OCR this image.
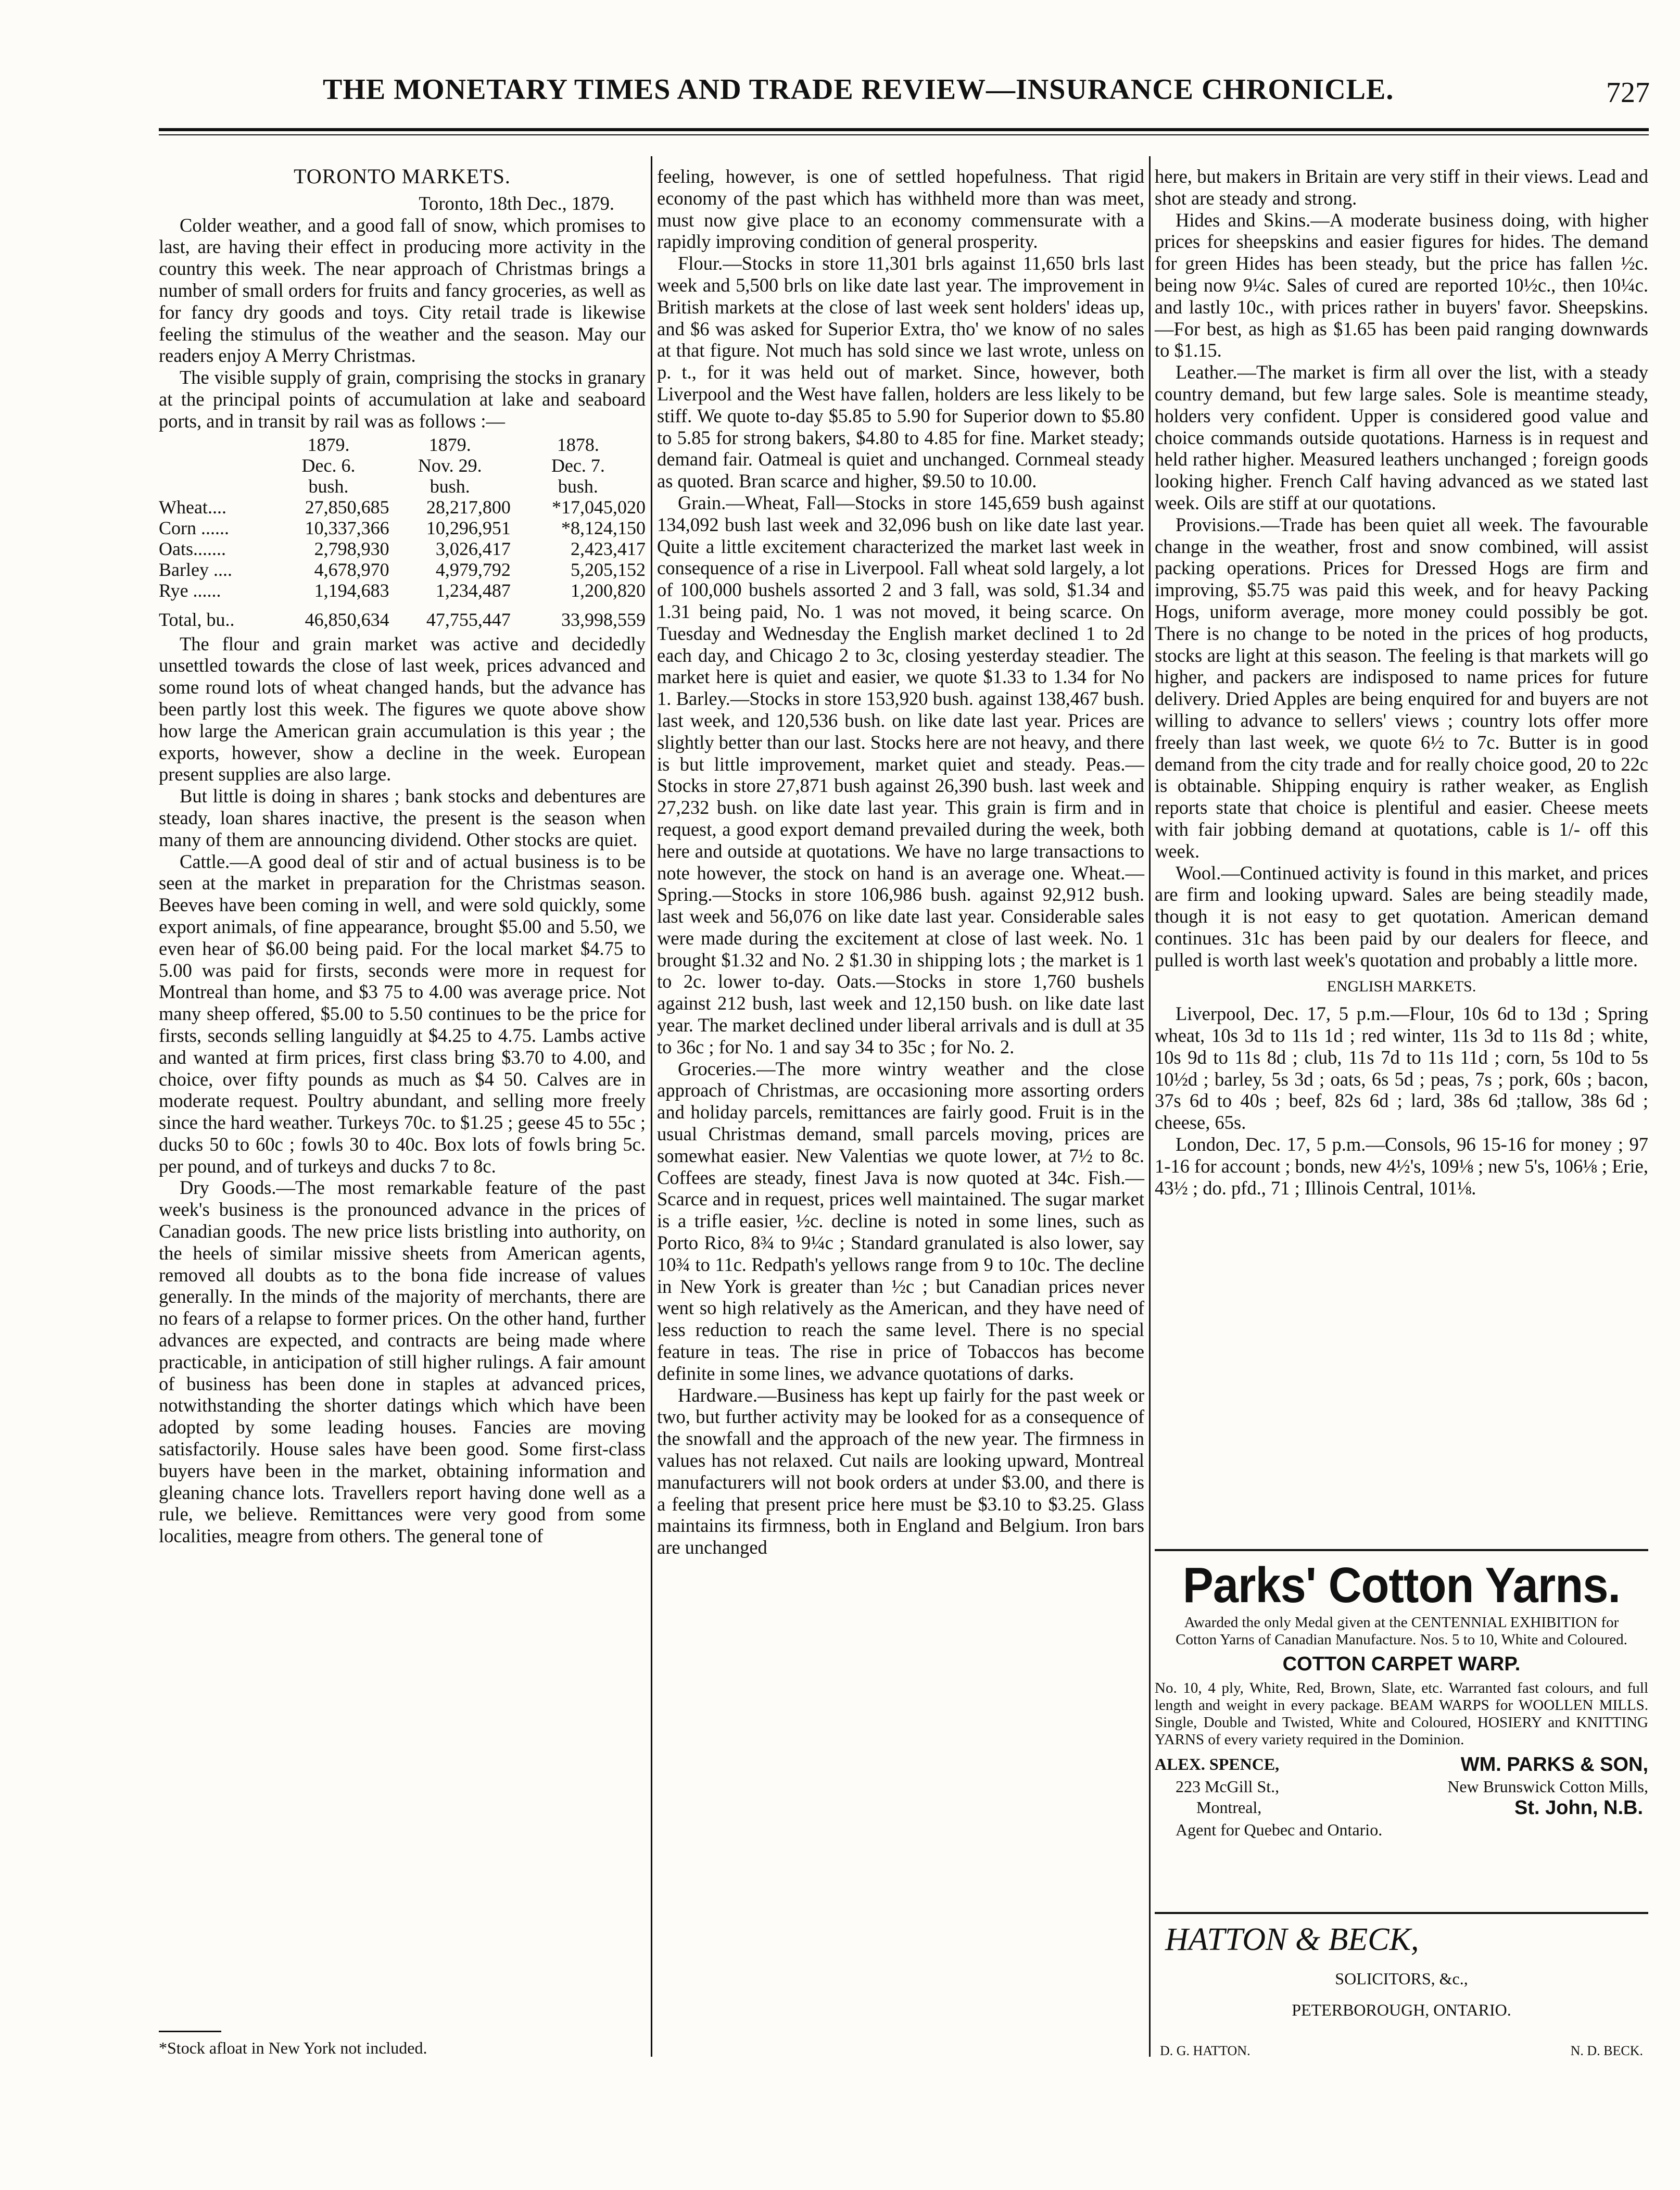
THE MONETARY TIMES AND TRADE REVIEW—INSURANCE CHRONICLE.	727
TORONTO MARKETS.

Toronto, 18th Dec., 1879.

Colder weather, and a good fall of snow, which promises to last, are having their effect in producing more activity in the country this week. The near approach of Christmas brings a number of small orders for fruits and fancy groceries, as well as for fancy dry goods and toys. City retail trade is likewise feeling the stimulus of the weather and the season. May our readers enjoy A Merry Christmas.

The visible supply of grain, comprising the stocks in granary at the principal points of accumulation at lake and seaboard ports, and in transit by rail was as follows :—

	1879.	1879.	1878.
	Dec. 6.	Nov. 29.	Dec. 7.
	bush.	bush.	bush.
Wheat....	27,850,685	28,217,800	*17,045,020
Corn ......	10,337,366	10,296,951	*8,124,150
Oats.......	2,798,930	3,026,417	2,423,417
Barley ....	4,678,970	4,979,792	5,205,152
Rye ......	1,194,683	1,234,487	1,200,820
Total, bu..	46,850,634	47,755,447	33,998,559

The flour and grain market was active and decidedly unsettled towards the close of last week, prices advanced and some round lots of wheat changed hands, but the advance has been partly lost this week. The figures we quote above show how large the American grain accumulation is this year ; the exports, however, show a decline in the week. European present supplies are also large.

But little is doing in shares ; bank stocks and debentures are steady, loan shares inactive, the present is the season when many of them are announcing dividend. Other stocks are quiet.

Cattle.—A good deal of stir and of actual business is to be seen at the market in preparation for the Christmas season. Beeves have been coming in well, and were sold quickly, some export animals, of fine appearance, brought $5.00 and 5.50, we even hear of $6.00 being paid. For the local market $4.75 to 5.00 was paid for firsts, seconds were more in request for Montreal than home, and $3 75 to 4.00 was average price. Not many sheep offered, $5.00 to 5.50 continues to be the price for firsts, seconds selling languidly at $4.25 to 4.75. Lambs active and wanted at firm prices, first class bring $3.70 to 4.00, and choice, over fifty pounds as much as $4 50. Calves are in moderate request. Poultry abundant, and selling more freely since the hard weather. Turkeys 70c. to $1.25 ; geese 45 to 55c ; ducks 50 to 60c ; fowls 30 to 40c. Box lots of fowls bring 5c. per pound, and of turkeys and ducks 7 to 8c.

Dry Goods.—The most remarkable feature of the past week's business is the pronounced advance in the prices of Canadian goods. The new price lists bristling into authority, on the heels of similar missive sheets from American agents, removed all doubts as to the bona fide increase of values generally. In the minds of the majority of merchants, there are no fears of a relapse to former prices. On the other hand, further advances are expected, and contracts are being made where practicable, in anticipation of still higher rulings. A fair amount of business has been done in staples at advanced prices, notwithstanding the shorter datings which which have been adopted by some leading houses. Fancies are moving satisfactorily. House sales have been good. Some first-class buyers have been in the market, obtaining information and gleaning chance lots. Travellers report having done well as a rule, we believe. Remittances were very good from some localities, meagre from others. The general tone of

*Stock afloat in New York not included.

feeling, however, is one of settled hopefulness. That rigid economy of the past which has withheld more than was meet, must now give place to an economy commensurate with a rapidly improving condition of general prosperity.

Flour.—Stocks in store 11,301 brls against 11,650 brls last week and 5,500 brls on like date last year. The improvement in British markets at the close of last week sent holders' ideas up, and $6 was asked for Superior Extra, tho' we know of no sales at that figure. Not much has sold since we last wrote, unless on p. t., for it was held out of market. Since, however, both Liverpool and the West have fallen, holders are less likely to be stiff. We quote to-day $5.85 to 5.90 for Superior down to $5.80 to 5.85 for strong bakers, $4.80 to 4.85 for fine. Market steady; demand fair. Oatmeal is quiet and unchanged. Cornmeal steady as quoted. Bran scarce and higher, $9.50 to 10.00.

Grain.—Wheat, Fall—Stocks in store 145,659 bush against 134,092 bush last week and 32,096 bush on like date last year. Quite a little excitement characterized the market last week in consequence of a rise in Liverpool. Fall wheat sold largely, a lot of 100,000 bushels assorted 2 and 3 fall, was sold, $1.34 and 1.31 being paid, No. 1 was not moved, it being scarce. On Tuesday and Wednesday the English market declined 1 to 2d each day, and Chicago 2 to 3c, closing yesterday steadier. The market here is quiet and easier, we quote $1.33 to 1.34 for No 1. Barley.—Stocks in store 153,920 bush. against 138,467 bush. last week, and 120,536 bush. on like date last year. Prices are slightly better than our last. Stocks here are not heavy, and there is but little improvement, market quiet and steady. Peas.—Stocks in store 27,871 bush against 26,390 bush. last week and 27,232 bush. on like date last year. This grain is firm and in request, a good export demand prevailed during the week, both here and outside at quotations. We have no large transactions to note however, the stock on hand is an average one. Wheat.—Spring.—Stocks in store 106,986 bush. against 92,912 bush. last week and 56,076 on like date last year. Considerable sales were made during the excitement at close of last week. No. 1 brought $1.32 and No. 2 $1.30 in shipping lots ; the market is 1 to 2c. lower to-day. Oats.—Stocks in store 1,760 bushels against 212 bush, last week and 12,150 bush. on like date last year. The market declined under liberal arrivals and is dull at 35 to 36c ; for No. 1 and say 34 to 35c ; for No. 2.

Groceries.—The more wintry weather and the close approach of Christmas, are occasioning more assorting orders and holiday parcels, remittances are fairly good. Fruit is in the usual Christmas demand, small parcels moving, prices are somewhat easier. New Valentias we quote lower, at 7½ to 8c. Coffees are steady, finest Java is now quoted at 34c. Fish.—Scarce and in request, prices well maintained. The sugar market is a trifle easier, ½c. decline is noted in some lines, such as Porto Rico, 8¾ to 9¼c ; Standard granulated is also lower, say 10¾ to 11c. Redpath's yellows range from 9 to 10c. The decline in New York is greater than ½c ; but Canadian prices never went so high relatively as the American, and they have need of less reduction to reach the same level. There is no special feature in teas. The rise in price of Tobaccos has become definite in some lines, we advance quotations of darks.

Hardware.—Business has kept up fairly for the past week or two, but further activity may be looked for as a consequence of the snowfall and the approach of the new year. The firmness in values has not relaxed. Cut nails are looking upward, Montreal manufacturers will not book orders at under $3.00, and there is a feeling that present price here must be $3.10 to $3.25. Glass maintains its firmness, both in England and Belgium. Iron bars are unchanged

here, but makers in Britain are very stiff in their views. Lead and shot are steady and strong.

Hides and Skins.—A moderate business doing, with higher prices for sheepskins and easier figures for hides. The demand for green Hides has been steady, but the price has fallen ½c. being now 9¼c. Sales of cured are reported 10½c., then 10¼c. and lastly 10c., with prices rather in buyers' favor. Sheepskins.—For best, as high as $1.65 has been paid ranging downwards to $1.15.

Leather.—The market is firm all over the list, with a steady country demand, but few large sales. Sole is meantime steady, holders very confident. Upper is considered good value and choice commands outside quotations. Harness is in request and held rather higher. Measured leathers unchanged ; foreign goods looking higher. French Calf having advanced as we stated last week. Oils are stiff at our quotations.

Provisions.—Trade has been quiet all week. The favourable change in the weather, frost and snow combined, will assist packing operations. Prices for Dressed Hogs are firm and improving, $5.75 was paid this week, and for heavy Packing Hogs, uniform average, more money could possibly be got. There is no change to be noted in the prices of hog products, stocks are light at this season. The feeling is that markets will go higher, and packers are indisposed to name prices for future delivery. Dried Apples are being enquired for and buyers are not willing to advance to sellers' views ; country lots offer more freely than last week, we quote 6½ to 7c. Butter is in good demand from the city trade and for really choice good, 20 to 22c is obtainable. Shipping enquiry is rather weaker, as English reports state that choice is plentiful and easier. Cheese meets with fair jobbing demand at quotations, cable is 1/- off this week.

Wool.—Continued activity is found in this market, and prices are firm and looking upward. Sales are being steadily made, though it is not easy to get quotation. American demand continues. 31c has been paid by our dealers for fleece, and pulled is worth last week's quotation and probably a little more.

ENGLISH MARKETS.

Liverpool, Dec. 17, 5 p.m.—Flour, 10s 6d to 13d ; Spring wheat, 10s 3d to 11s 1d ; red winter, 11s 3d to 11s 8d ; white, 10s 9d to 11s 8d ; club, 11s 7d to 11s 11d ; corn, 5s 10d to 5s 10½d ; barley, 5s 3d ; oats, 6s 5d ; peas, 7s ; pork, 60s ; bacon, 37s 6d to 40s ; beef, 82s 6d ; lard, 38s 6d ;tallow, 38s 6d ; cheese, 65s.

London, Dec. 17, 5 p.m.—Consols, 96 15-16 for money ; 97 1-16 for account ; bonds, new 4½'s, 109⅛ ; new 5's, 106⅛ ; Erie, 43½ ; do. pfd., 71 ; Illinois Central, 101⅛.

Parks' Cotton Yarns.
Awarded the only Medal given at the CENTENNIAL EXHIBITION for Cotton Yarns of Canadian Manufacture. Nos. 5 to 10, White and Coloured.
COTTON CARPET WARP.
No. 10, 4 ply, White, Red, Brown, Slate, etc. Warranted fast colours, and full length and weight in every package. BEAM WARPS for WOOLLEN MILLS. Single, Double and Twisted, White and Coloured, HOSIERY and KNITTING YARNS of every variety required in the Dominion.
ALEX. SPENCE,	WM. PARKS & SON,
223 McGill St.,	New Brunswick Cotton Mills,
Montreal,	St. John, N.B.
Agent for Quebec and Ontario.
HATTON & BECK,
SOLICITORS, &c.,
PETERBOROUGH, ONTARIO.
D. G. HATTON.	N. D. BECK.
